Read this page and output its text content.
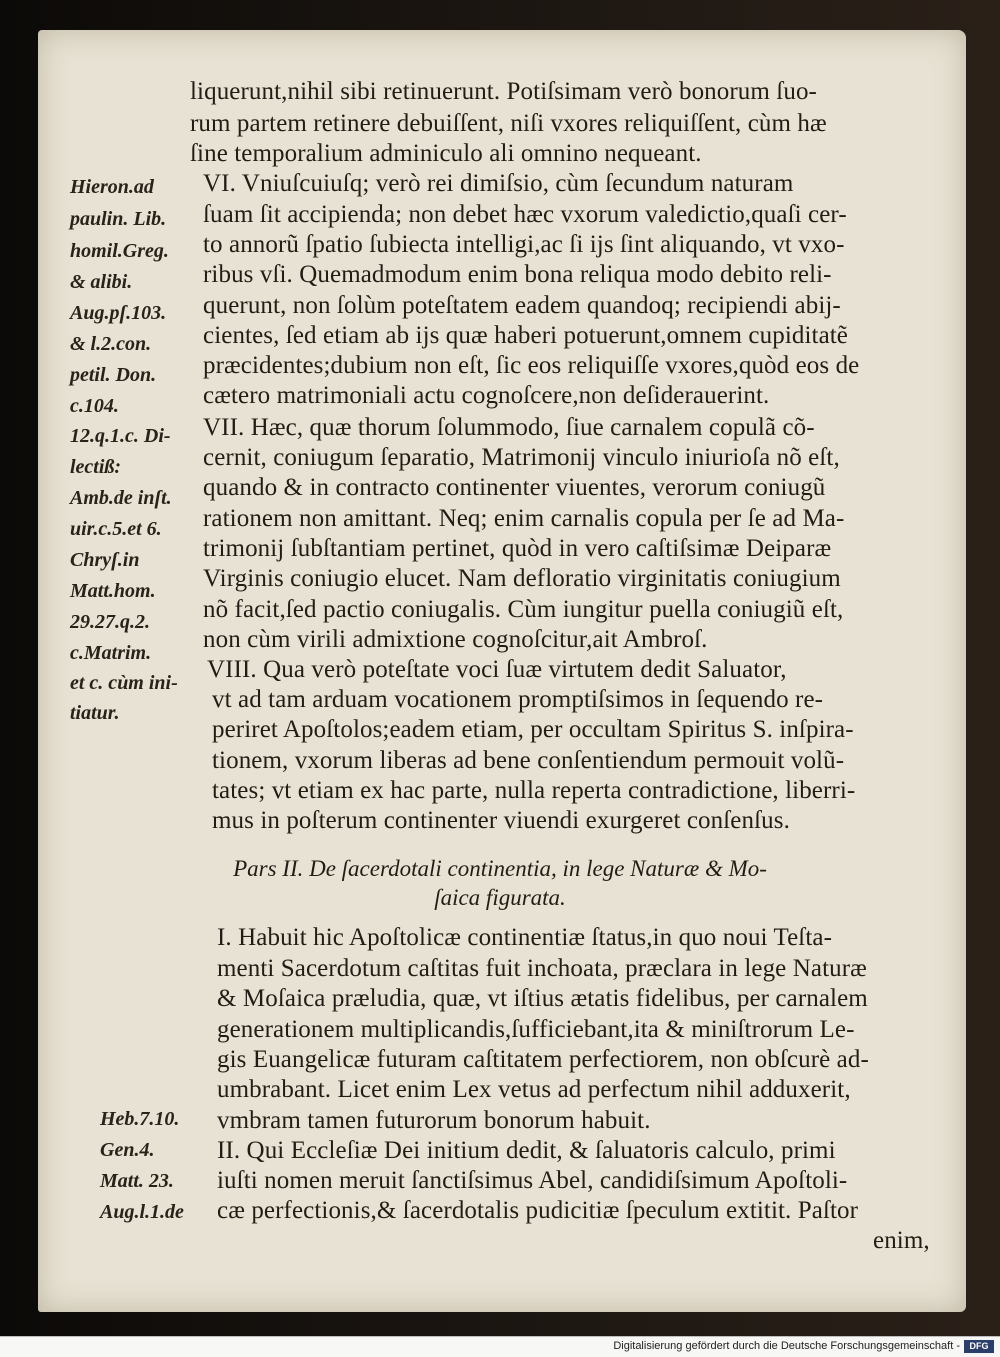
liquerunt,nihil sibi retinuerunt. Potiſsimam verò bonorum ſuo-
rum partem retinere debuiſſent, niſi vxores reliquiſſent, cùm hæ
ſine temporalium adminiculo ali omnino nequeant.
VI. Vniuſcuiuſq; verò rei dimiſsio, cùm ſecundum naturam
ſuam ſit accipienda; non debet hæc vxorum valedictio,quaſi cer-
to annorũ ſpatio ſubiecta intelligi,ac ſi ijs ſint aliquando, vt vxo-
ribus vſi. Quemadmodum enim bona reliqua modo debito reli-
querunt, non ſolùm poteſtatem eadem quandoq; recipiendi abij-
cientes, ſed etiam ab ijs quæ haberi potuerunt,omnem cupiditatẽ
præcidentes;dubium non eſt, ſic eos reliquiſſe vxores,quòd eos de
cætero matrimoniali actu cognoſcere,non deſiderauerint.
VII. Hæc, quæ thorum ſolummodo, ſiue carnalem copulã cõ-
cernit, coniugum ſeparatio, Matrimonij vinculo iniurioſa nõ eſt,
quando & in contracto continenter viuentes, verorum coniugũ
rationem non amittant. Neq; enim carnalis copula per ſe ad Ma-
trimonij ſubſtantiam pertinet, quòd in vero caſtiſsimæ Deiparæ
Virginis coniugio elucet. Nam defloratio virginitatis coniugium
nõ facit,ſed pactio coniugalis. Cùm iungitur puella coniugiũ eſt,
non cùm virili admixtione cognoſcitur,ait Ambroſ.
VIII. Qua verò poteſtate voci ſuæ virtutem dedit Saluator,
vt ad tam arduam vocationem promptiſsimos in ſequendo re-
periret Apoſtolos;eadem etiam, per occultam Spiritus S. inſpira-
tionem, vxorum liberas ad bene conſentiendum permouit volũ-
tates; vt etiam ex hac parte, nulla reperta contradictione, liberri-
mus in poſterum continenter viuendi exurgeret conſenſus.
Pars II. De ſacerdotali continentia, in lege Naturæ & Mo-
ſaica figurata.
I. Habuit hic Apoſtolicæ continentiæ ſtatus,in quo noui Teſta-
menti Sacerdotum caſtitas fuit inchoata, præclara in lege Naturæ
& Moſaica præludia, quæ, vt iſtius ætatis fidelibus, per carnalem
generationem multiplicandis,ſufficiebant,ita & miniſtrorum Le-
gis Euangelicæ futuram caſtitatem perfectiorem, non obſcurè ad-
umbrabant. Licet enim Lex vetus ad perfectum nihil adduxerit,
vmbram tamen futurorum bonorum habuit.
II. Qui Eccleſiæ Dei initium dedit, & ſaluatoris calculo, primi
iuſti nomen meruit ſanctiſsimus Abel, candidiſsimum Apoſtoli-
cæ perfectionis,& ſacerdotalis pudicitiæ ſpeculum extitit. Paſtor
enim,
Hieron.ad
paulin. Lib.
homil.Greg.
& alibi.
Aug.pſ.103.
& l.2.con.
petil. Don.
c.104.
12.q.1.c. Di-
lectiß:
Amb.de inſt.
uir.c.5.et 6.
Chryſ.in
Matt.hom.
29.27.q.2.
c.Matrim.
et c. cùm ini-
tiatur.
Heb.7.10.
Gen.4.
Matt. 23.
Aug.l.1.de
Digitalisierung gefördert durch die Deutsche Forschungsgemeinschaft -	DFG
